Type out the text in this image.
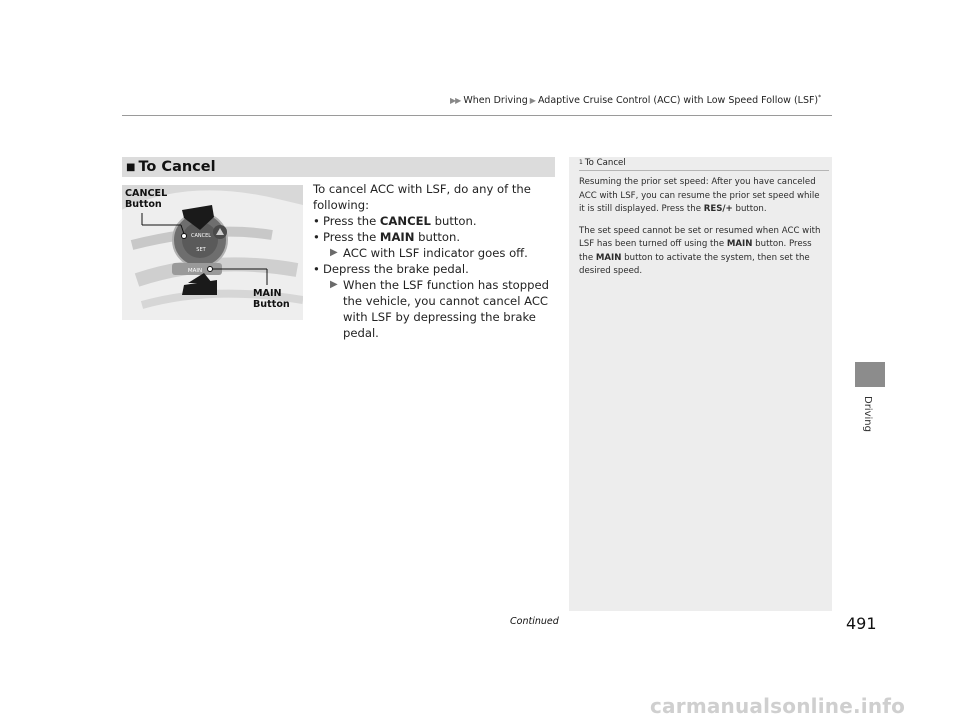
▶▶ When Driving ▶ Adaptive Cruise Control (ACC) with Low Speed Follow (LSF)*
Driving
■ To Cancel
CANCEL
SET
MAIN
CANCEL
Button
MAIN
Button

To cancel ACC with LSF, do any of the following:

• Press the CANCEL button.
• Press the MAIN button.
▶ ACC with LSF indicator goes off.
• Depress the brake pedal.
▶ When the LSF function has stopped the vehicle, you cannot cancel ACC with LSF by depressing the brake pedal.
1 To Cancel

Resuming the prior set speed: After you have canceled ACC with LSF, you can resume the prior set speed while it is still displayed. Press the RES/+ button.

The set speed cannot be set or resumed when ACC with LSF has been turned off using the MAIN button. Press the MAIN button to activate the system, then set the desired speed.

Continued	491
carmanualsonline.info
